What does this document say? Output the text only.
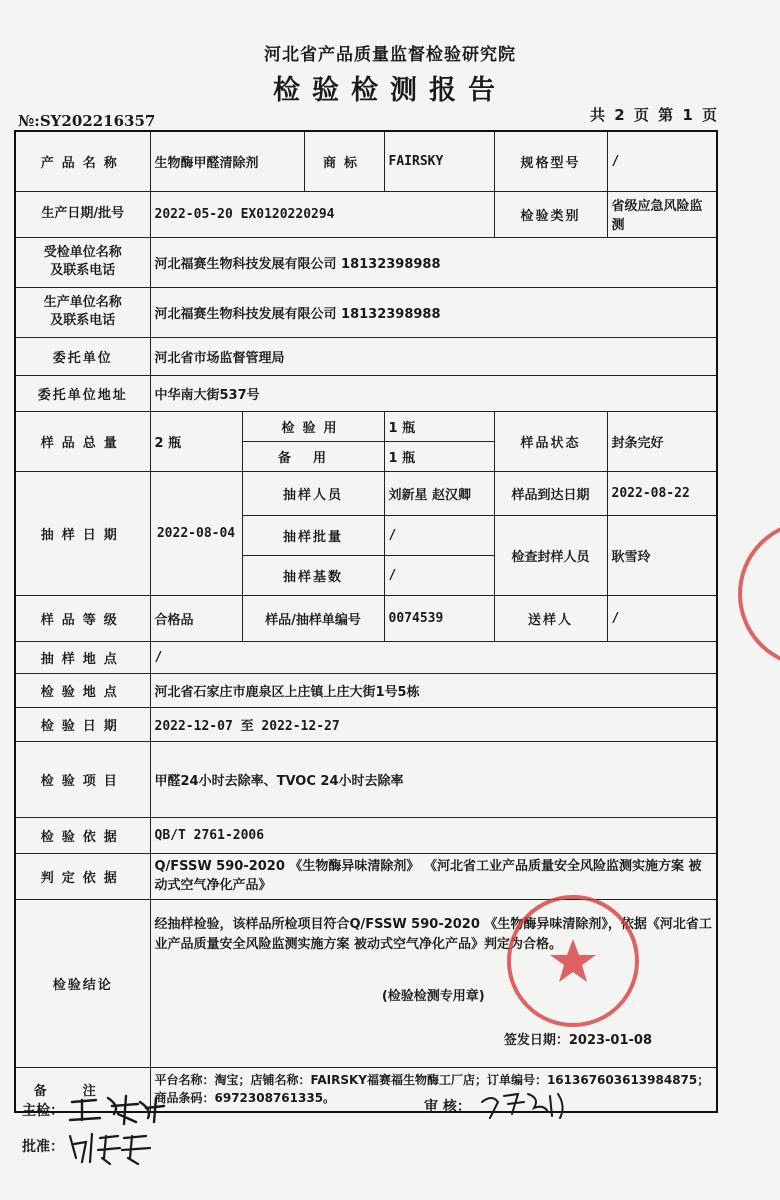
河北省产品质量监督检验研究院
检验检测报告
№:SY202216357	共 2 页 第 1 页
产品名称	生物酶甲醛清除剂		商标	FAIRSKY	规格型号	/
生产日期/批号	2022-05-20 EX0120220294				检验类别	省级应急风险监测

受检单位名称
及联系电话	河北福赛生物科技发展有限公司 18132398988					

生产单位名称
及联系电话	河北福赛生物科技发展有限公司 18132398988					
委托单位	河北省市场监督管理局					
委托单位地址	中华南大街537号					
样品总量	2 瓶	检验用		1 瓶	样品状态	封条完好
		备用		1 瓶		
抽样日期	2022-08-04	抽样人员		刘新星 赵汉卿	样品到达日期	2022-08-22
		抽样批量		/	检查封样人员	耿雪玲
		抽样基数		/		
样品等级	合格品	样品/抽样单编号		0074539	送样人	/
抽样地点	/					
检验地点	河北省石家庄市鹿泉区上庄镇上庄大街1号5栋					
检验日期	2022-12-07 至 2022-12-27					
检验项目	甲醛24小时去除率、TVOC 24小时去除率					
检验依据	QB/T 2761-2006					
判定依据	Q/FSSW 590-2020 《生物酶异味清除剂》 《河北省工业产品质量安全风险监测实施方案 被动式空气净化产品》					
检验结论	经抽样检验，该样品所检项目符合Q/FSSW 590-2020 《生物酶异味清除剂》，依据《河北省工业产品质量安全风险监测实施方案 被动式空气净化产品》判定为合格。
(检验检测专用章)
签发日期：2023-01-08					

备注	平台名称：淘宝；店铺名称：FAIRSKY福赛福生物酶工厂店；订单编号：1613676036139848​75；商品条码：6972308761335。					
主检：
批准：
审 核：
